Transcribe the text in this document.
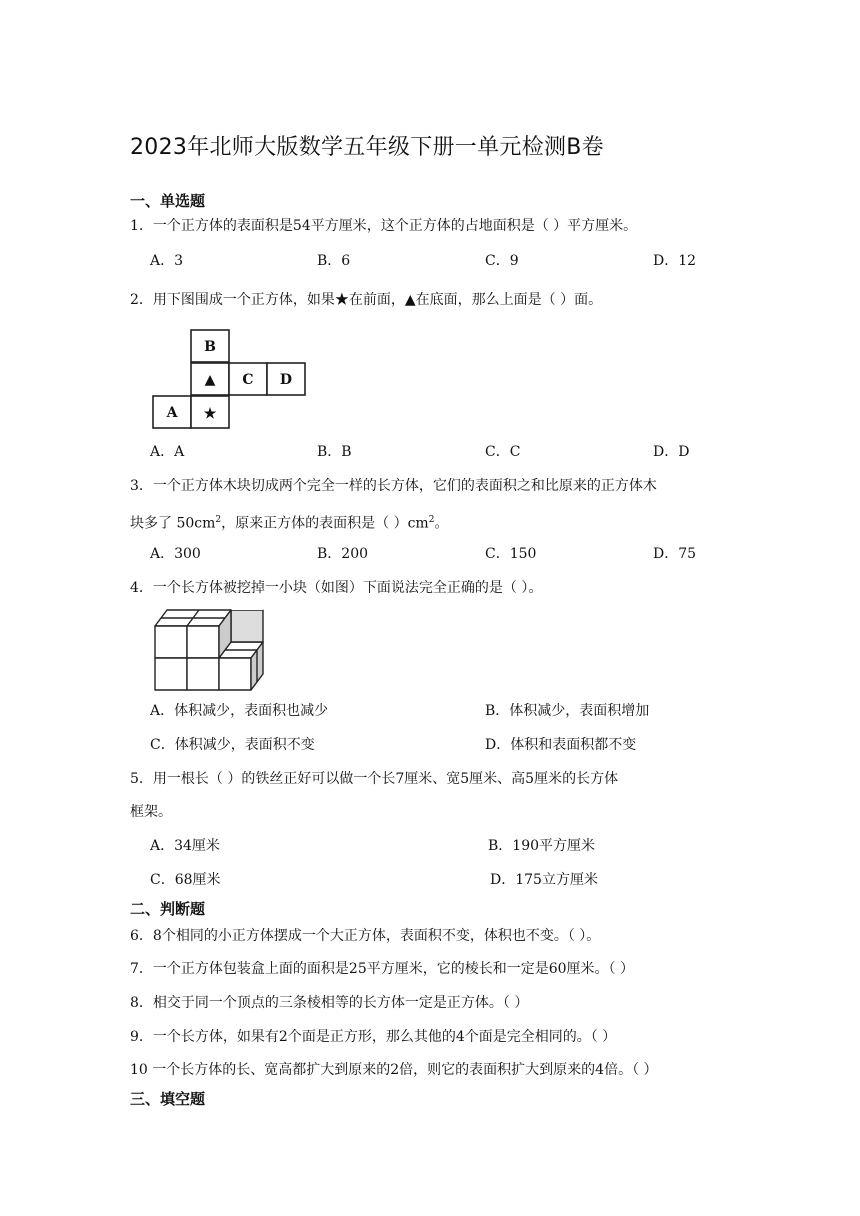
2023年北师大版数学五年级下册一单元检测B卷
一、单选题
1．一个正方体的表面积是54平方厘米，这个正方体的占地面积是（ ）平方厘米。
A．3	B．6	C．9	D．12
2．用下图围成一个正方体，如果★在前面，▲在底面，那么上面是（ ）面。
B
▲ C D
A ★
A．A	B．B	C．C	D．D
3．一个正方体木块切成两个完全一样的长方体，它们的表面积之和比原来的正方体木
块多了 $50cm^2$，原来正方体的表面积是（ ）$cm^2$。
A．300	B．200	C．150	D．75
4．一个长方体被挖掉一小块（如图）下面说法完全正确的是（ ）。
A．体积减少，表面积也减少	B．体积减少，表面积增加
C．体积减少，表面积不变	D．体积和表面积都不变
5．用一根长（ ）的铁丝正好可以做一个长7厘米、宽5厘米、高5厘米的长方体
框架。
A．34厘米	B．190平方厘米
C．68厘米	D．175立方厘米
二、判断题
6．8个相同的小正方体摆成一个大正方体，表面积不变，体积也不变。（ ）。
7．一个正方体包装盒上面的面积是25平方厘米，它的棱长和一定是60厘米。（ ）
8．相交于同一个顶点的三条棱相等的长方体一定是正方体。（ ）
9．一个长方体，如果有2个面是正方形，那么其他的4个面是完全相同的。（ ）
10 一个长方体的长、宽高都扩大到原来的2倍，则它的表面积扩大到原来的4倍。（ ）
三、填空题
